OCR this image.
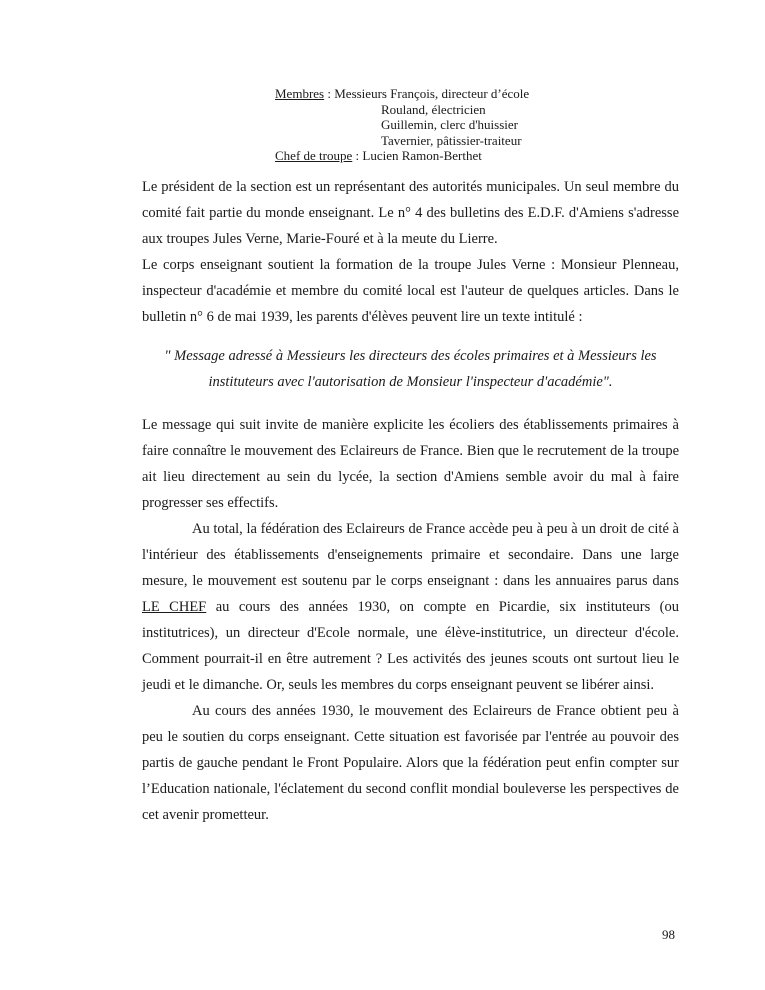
Membres : Messieurs François, directeur d’école
Rouland, électricien
Guillemin, clerc d'huissier
Tavernier, pâtissier-traiteur
Chef de troupe : Lucien Ramon-Berthet

Le président de la section est un représentant des autorités municipales. Un seul membre du comité fait partie du monde enseignant. Le n° 4 des bulletins des E.D.F. d'Amiens s'adresse aux troupes Jules Verne, Marie-Fouré et à la meute du Lierre.

Le corps enseignant soutient la formation de la troupe Jules Verne : Monsieur Plenneau, inspecteur d'académie et membre du comité local est l'auteur de quelques articles. Dans le bulletin n° 6 de mai 1939, les parents d'élèves peuvent lire un texte intitulé :

" Message adressé à Messieurs les directeurs des écoles primaires et à Messieurs les instituteurs avec l'autorisation de Monsieur l'inspecteur d'académie".

Le message qui suit invite de manière explicite les écoliers des établissements primaires à faire connaître le mouvement des Eclaireurs de France. Bien que le recrutement de la troupe ait lieu directement au sein du lycée, la section d'Amiens semble avoir du mal à faire progresser ses effectifs.

Au total, la fédération des Eclaireurs de France accède peu à peu à un droit de cité à l'intérieur des établissements d'enseignements primaire et secondaire. Dans une large mesure, le mouvement est soutenu par le corps enseignant : dans les annuaires parus dans LE CHEF au cours des années 1930, on compte en Picardie, six instituteurs (ou institutrices), un directeur d'Ecole normale, une élève-institutrice, un directeur d'école. Comment pourrait-il en être autrement ? Les activités des jeunes scouts ont surtout lieu le jeudi et le dimanche. Or, seuls les membres du corps enseignant peuvent se libérer ainsi.

Au cours des années 1930, le mouvement des Eclaireurs de France obtient peu à peu le soutien du corps enseignant. Cette situation est favorisée par l'entrée au pouvoir des partis de gauche pendant le Front Populaire. Alors que la fédération peut enfin compter sur l’Education nationale, l'éclatement du second conflit mondial bouleverse les perspectives de cet avenir prometteur.

98
